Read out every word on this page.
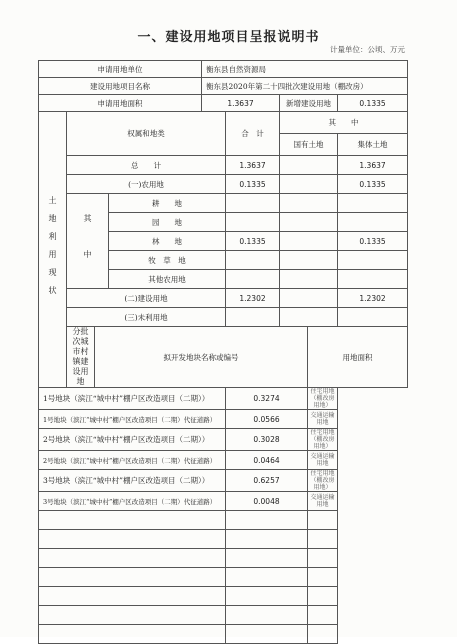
一、建设用地项目呈报说明书
计量单位：公顷、万元
申请用地单位				衡东县自然资源局					
建设用地项目名称				衡东县2020年第二十四批次建设用地（棚改房）					
申请用地面积				1.3637		新增建设用地		0.1335	
土地利用现状	权属和地类				合　计	其　　中			
						国有土地		集体土地	
	总　　计				1.3637			1.3637	
	(一)农用地				0.1335			0.1335	
	其　中		耕　　地						
			园　　地						
			林　　地		0.1335			0.1335	
			牧　草　地						
			其他农用地						
	(二)建设用地				1.2302			1.2302	
	(三)未利用地								
	分批次城市村镇建设用地	拟开发地块名称或编号					用地面积	
1号地块（滨江“城中村”棚户区改造项目（二期））					0.3274		住宅用地（棚改房用地）		
1号地块（滨江“城中村”棚户区改造项目（二期）代征道路）					0.0566		交通运输用地		
2号地块（滨江“城中村”棚户区改造项目（二期））					0.3028		住宅用地（棚改房用地）		
2号地块（滨江“城中村”棚户区改造项目（二期）代征道路）					0.0464		交通运输用地		
3号地块（滨江“城中村”棚户区改造项目（二期））					0.6257		住宅用地（棚改房用地）		
3号地块（滨江“城中村”棚户区改造项目（二期）代征道路）					0.0048		交通运输用地		
